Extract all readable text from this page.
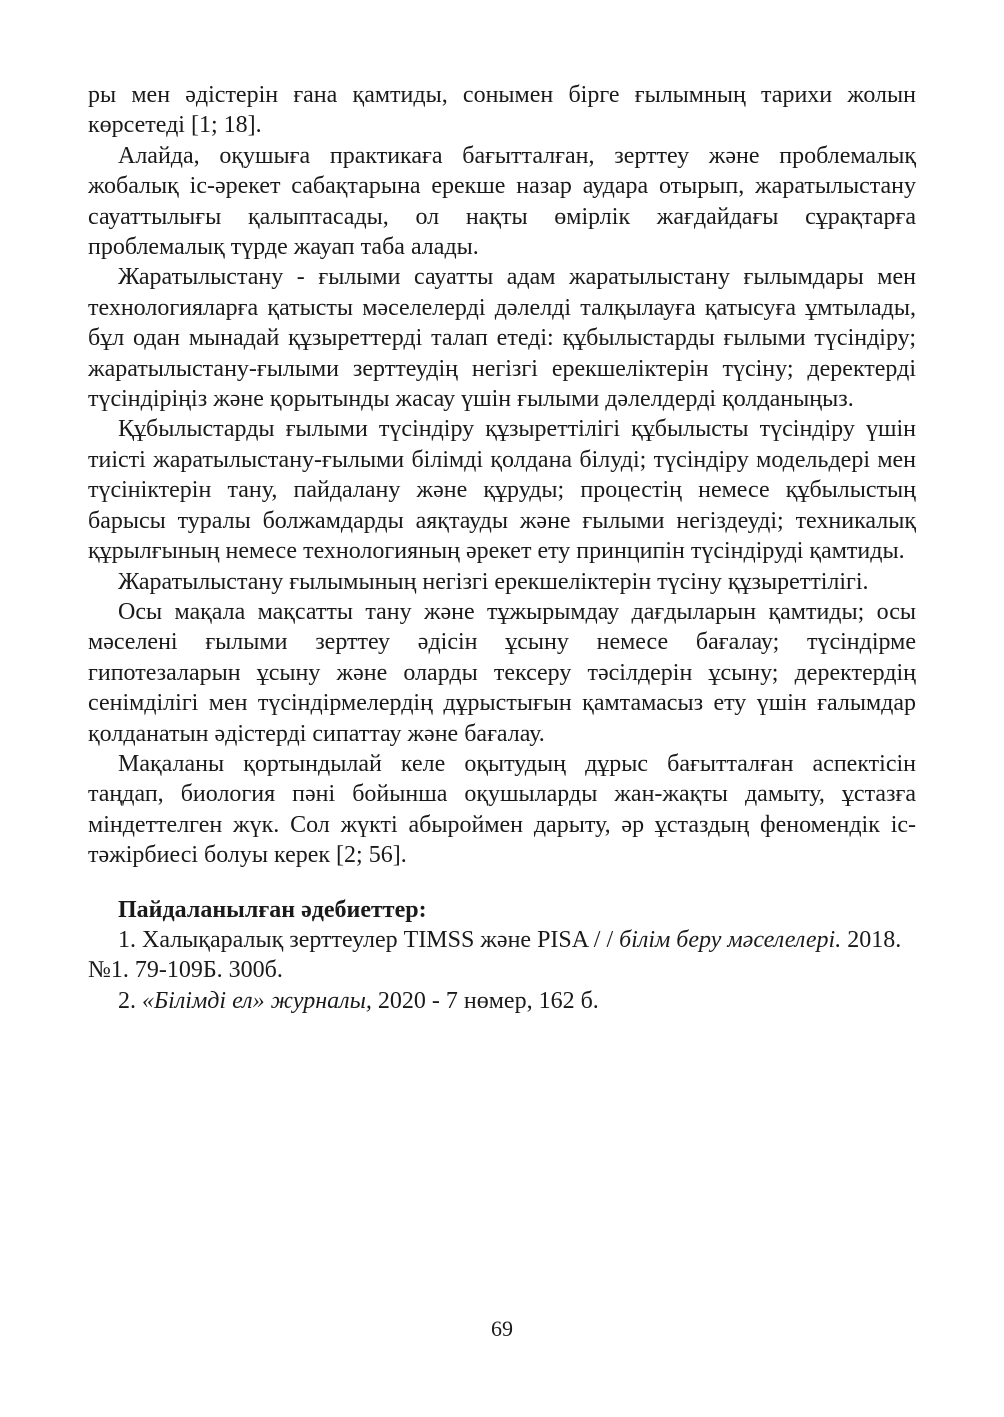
ры мен әдістерін ғана қамтиды, сонымен бірге ғылымның тарихи жолын көрсетеді [1; 18].

Алайда, оқушыға практикаға бағытталған, зерттеу және проблемалық жобалық іс-әрекет сабақтарына ерекше назар аудара отырып, жаратылыстану сауаттылығы қалыптасады, ол нақты өмірлік жағдайдағы сұрақтарға проблемалық түрде жауап таба алады.

Жаратылыстану - ғылыми сауатты адам жаратылыстану ғылымдары мен технологияларға қатысты мәселелерді дәлелді талқылауға қатысуға ұмтылады, бұл одан мынадай құзыреттерді талап етеді: құбылыстарды ғылыми түсіндіру; жаратылыстану-ғылыми зерттеудің негізгі ерекшеліктерін түсіну; деректерді түсіндіріңіз және қорытынды жасау үшін ғылыми дәлелдерді қолданыңыз.

Құбылыстарды ғылыми түсіндіру құзыреттілігі құбылысты түсіндіру үшін тиісті жаратылыстану-ғылыми білімді қолдана білуді; түсіндіру модельдері мен түсініктерін тану, пайдалану және құруды; процестің немесе құбылыстың барысы туралы болжамдарды аяқтауды және ғылыми негіздеуді; техникалық құрылғының немесе технологияның әрекет ету принципін түсіндіруді қамтиды.

Жаратылыстану ғылымының негізгі ерекшеліктерін түсіну құзыреттілігі.

Осы мақала мақсатты тану және тұжырымдау дағдыларын қамтиды; осы мәселені ғылыми зерттеу әдісін ұсыну немесе бағалау; түсіндірме гипотезаларын ұсыну және оларды тексеру тәсілдерін ұсыну; деректердің сенімділігі мен түсіндірмелердің дұрыстығын қамтамасыз ету үшін ғалымдар қолданатын әдістерді сипаттау және бағалау.

Мақаланы қортындылай келе оқытудың дұрыс бағытталған аспектісін таңдап, биология пәні бойынша оқушыларды жан-жақты дамыту, ұстазға міндеттелген жүк. Сол жүкті абыроймен дарыту, әр ұстаздың феномендік іс-тәжірбиесі болуы керек [2; 56].

Пайдаланылған әдебиеттер:

1. Халықаралық зерттеулер TIMSS және PISA / / білім беру мәселелері. 2018. №1. 79-109Б. 300б.

2. «Білімді ел» журналы, 2020 - 7 нөмер, 162 б.

69
